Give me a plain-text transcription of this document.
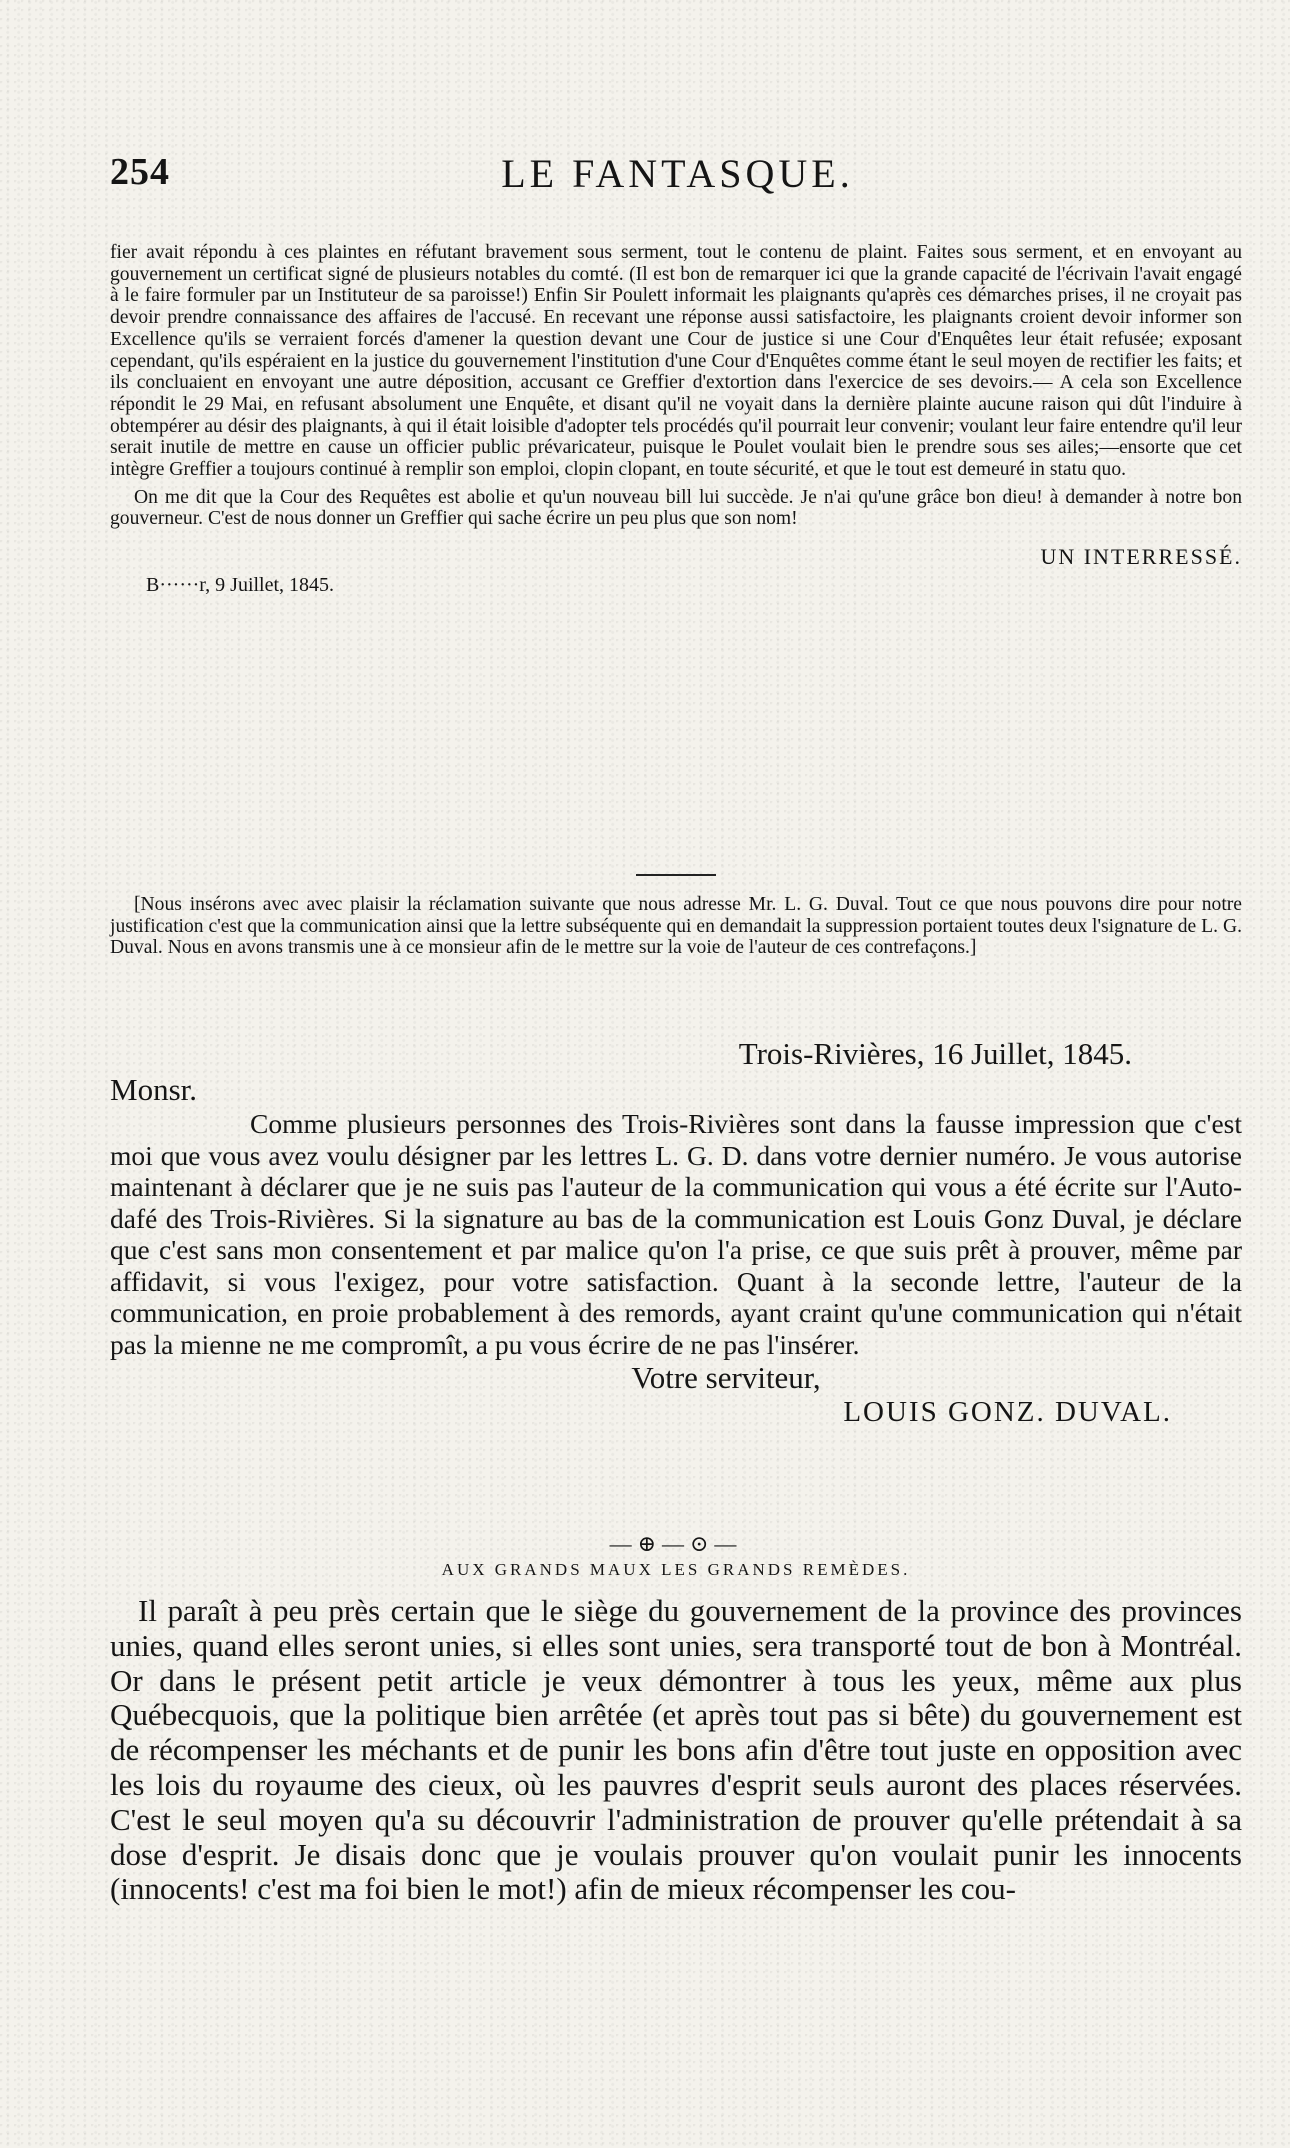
254	LE FANTASQUE.

fier avait répondu à ces plaintes en réfutant bravement sous serment, tout le contenu de plaint. Faites sous serment, et en envoyant au gouvernement un certificat signé de plusieurs notables du comté. (Il est bon de remarquer ici que la grande capacité de l'écrivain l'avait engagé à le faire formuler par un Instituteur de sa paroisse!) Enfin Sir Poulett informait les plaignants qu'après ces démarches prises, il ne croyait pas devoir prendre connaissance des affaires de l'accusé. En recevant une réponse aussi satisfactoire, les plaignants croient devoir informer son Excellence qu'ils se verraient forcés d'amener la question devant une Cour de justice si une Cour d'Enquêtes leur était refusée; exposant cependant, qu'ils espéraient en la justice du gouvernement l'institution d'une Cour d'Enquêtes comme étant le seul moyen de rectifier les faits; et ils concluaient en envoyant une autre déposition, accusant ce Greffier d'extortion dans l'exercice de ses devoirs.— A cela son Excellence répondit le 29 Mai, en refusant absolument une Enquête, et disant qu'il ne voyait dans la dernière plainte aucune raison qui dût l'induire à obtempérer au désir des plaignants, à qui il était loisible d'adopter tels procédés qu'il pourrait leur convenir; voulant leur faire entendre qu'il leur serait inutile de mettre en cause un officier public prévaricateur, puisque le Poulet voulait bien le prendre sous ses ailes;—ensorte que cet intègre Greffier a toujours continué à remplir son emploi, clopin clopant, en toute sécurité, et que le tout est demeuré in statu quo.

On me dit que la Cour des Requêtes est abolie et qu'un nouveau bill lui succède. Je n'ai qu'une grâce bon dieu! à demander à notre bon gouverneur. C'est de nous donner un Greffier qui sache écrire un peu plus que son nom!

UN INTERRESSÉ.

B······r, 9 Juillet, 1845.

[Nous insérons avec avec plaisir la réclamation suivante que nous adresse Mr. L. G. Duval. Tout ce que nous pouvons dire pour notre justification c'est que la communication ainsi que la lettre subséquente qui en demandait la suppression portaient toutes deux l'signature de L. G. Duval. Nous en avons transmis une à ce monsieur afin de le mettre sur la voie de l'auteur de ces contrefaçons.]

Trois-Rivières, 16 Juillet, 1845.

Monsr.

Comme plusieurs personnes des Trois-Rivières sont dans la fausse impression que c'est moi que vous avez voulu désigner par les lettres L. G. D. dans votre dernier numéro. Je vous autorise maintenant à déclarer que je ne suis pas l'auteur de la communication qui vous a été écrite sur l'Auto-dafé des Trois-Rivières. Si la signature au bas de la communication est Louis Gonz Duval, je déclare que c'est sans mon consentement et par malice qu'on l'a prise, ce que suis prêt à prouver, même par affidavit, si vous l'exigez, pour votre satisfaction. Quant à la seconde lettre, l'auteur de la communication, en proie probablement à des remords, ayant craint qu'une communication qui n'était pas la mienne ne me compromît, a pu vous écrire de ne pas l'insérer.

Votre serviteur,

LOUIS GONZ. DUVAL.

—⊕—⊙—

AUX GRANDS MAUX LES GRANDS REMÈDES.

Il paraît à peu près certain que le siège du gouvernement de la province des provinces unies, quand elles seront unies, si elles sont unies, sera transporté tout de bon à Montréal. Or dans le présent petit article je veux démontrer à tous les yeux, même aux plus Québecquois, que la politique bien arrêtée (et après tout pas si bête) du gouvernement est de récompenser les méchants et de punir les bons afin d'être tout juste en opposition avec les lois du royaume des cieux, où les pauvres d'esprit seuls auront des places réservées. C'est le seul moyen qu'a su découvrir l'administration de prouver qu'elle prétendait à sa dose d'esprit. Je disais donc que je voulais prouver qu'on voulait punir les innocents (innocents! c'est ma foi bien le mot!) afin de mieux récompenser les cou-
